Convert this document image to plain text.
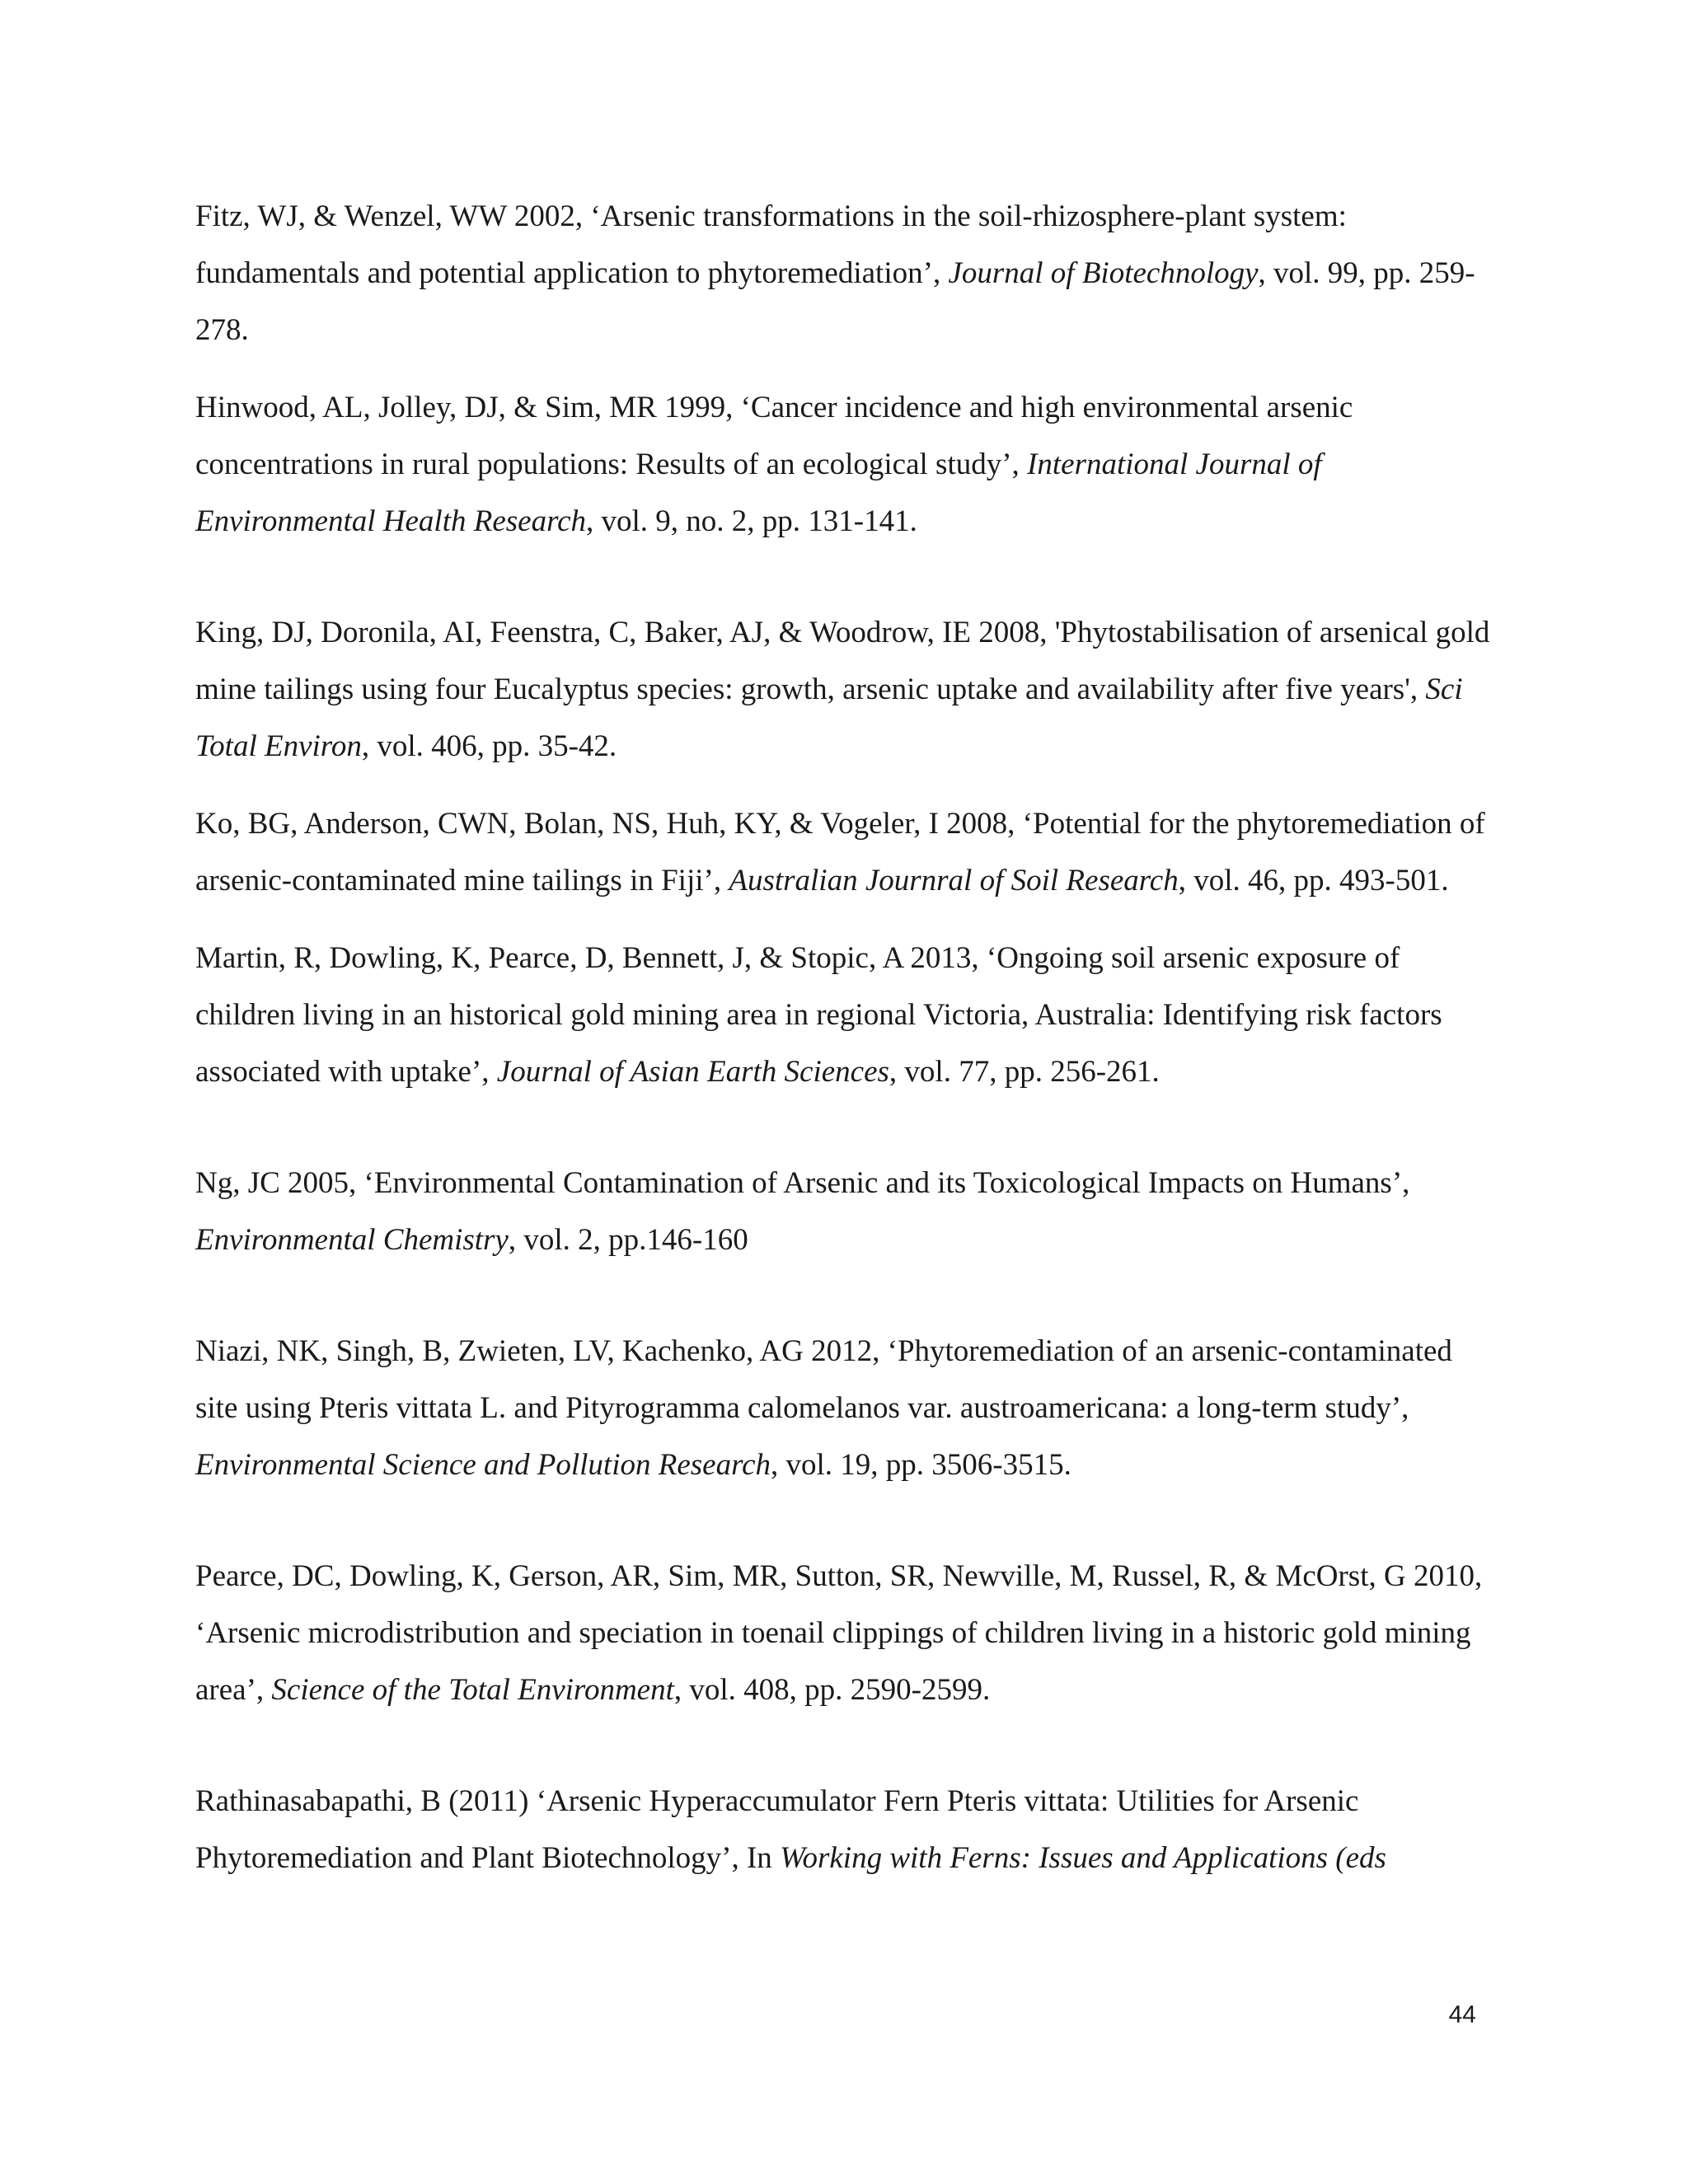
Fitz, WJ, & Wenzel, WW 2002, ‘Arsenic transformations in the soil-rhizosphere-plant system: fundamentals and potential application to phytoremediation’, Journal of Biotechnology, vol. 99, pp. 259-278.

Hinwood, AL, Jolley, DJ, & Sim, MR 1999, ‘Cancer incidence and high environmental arsenic concentrations in rural populations: Results of an ecological study’, International Journal of Environmental Health Research, vol. 9, no. 2, pp. 131-141.

King, DJ, Doronila, AI, Feenstra, C, Baker, AJ, & Woodrow, IE 2008, 'Phytostabilisation of arsenical gold mine tailings using four Eucalyptus species: growth, arsenic uptake and availability after five years', Sci Total Environ, vol. 406, pp. 35-42.

Ko, BG, Anderson, CWN, Bolan, NS, Huh, KY, & Vogeler, I 2008, ‘Potential for the phytoremediation of arsenic-contaminated mine tailings in Fiji’, Australian Journral of Soil Research, vol. 46, pp. 493-501.

Martin, R, Dowling, K, Pearce, D, Bennett, J, & Stopic, A 2013, ‘Ongoing soil arsenic exposure of children living in an historical gold mining area in regional Victoria, Australia: Identifying risk factors associated with uptake’, Journal of Asian Earth Sciences, vol. 77, pp. 256-261.

Ng, JC 2005, ‘Environmental Contamination of Arsenic and its Toxicological Impacts on Humans’, Environmental Chemistry, vol. 2, pp.146-160

Niazi, NK, Singh, B, Zwieten, LV, Kachenko, AG 2012, ‘Phytoremediation of an arsenic-contaminated site using Pteris vittata L. and Pityrogramma calomelanos var. austroamericana: a long-term study’, Environmental Science and Pollution Research, vol. 19, pp. 3506-3515.

Pearce, DC, Dowling, K, Gerson, AR, Sim, MR, Sutton, SR, Newville, M, Russel, R, & McOrst, G 2010, ‘Arsenic microdistribution and speciation in toenail clippings of children living in a historic gold mining area’, Science of the Total Environment, vol. 408, pp. 2590-2599.

Rathinasabapathi, B (2011) ‘Arsenic Hyperaccumulator Fern Pteris vittata: Utilities for Arsenic Phytoremediation and Plant Biotechnology’, In Working with Ferns: Issues and Applications (eds

44
